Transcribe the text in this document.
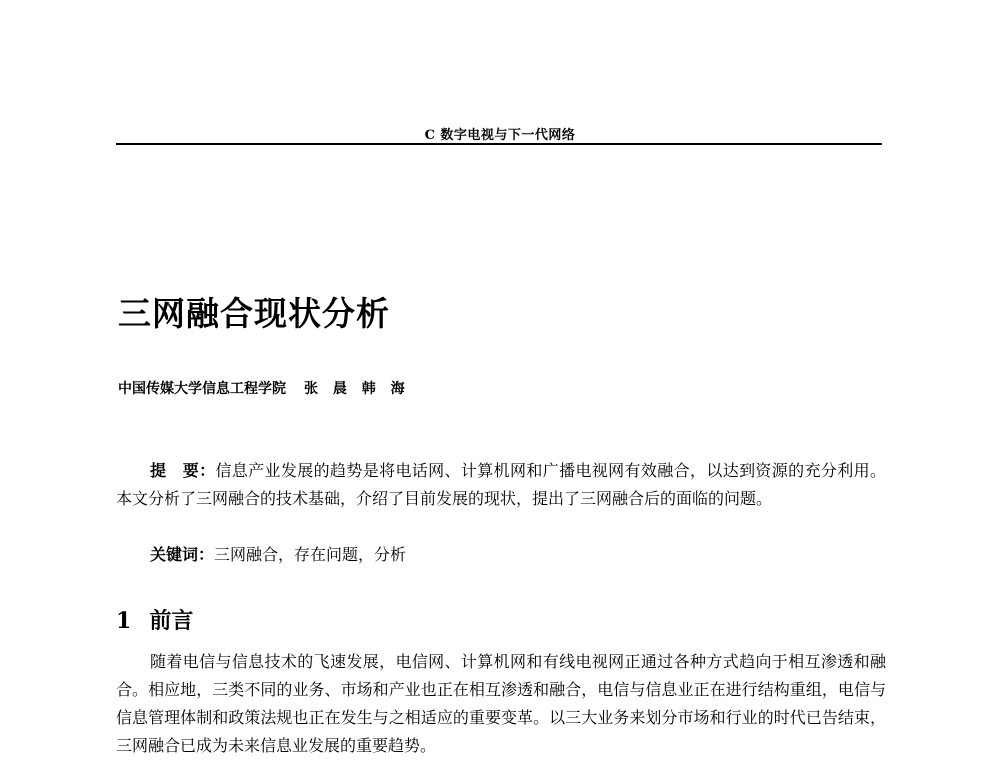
C 数字电视与下一代网络
三网融合现状分析
中国传媒大学信息工程学院 张 晨 韩 海

提　要：信息产业发展的趋势是将电话网、计算机网和广播电视网有效融合，以达到资源的充分利用。本文分析了三网融合的技术基础，介绍了目前发展的现状，提出了三网融合后的面临的问题。

关键词：三网融合，存在问题，分析

1 前言

随着电信与信息技术的飞速发展，电信网、计算机网和有线电视网正通过各种方式趋向于相互渗透和融合。相应地，三类不同的业务、市场和产业也正在相互渗透和融合，电信与信息业正在进行结构重组，电信与信息管理体制和政策法规也正在发生与之相适应的重要变革。以三大业务来划分市场和行业的时代已告结束，三网融合已成为未来信息业发展的重要趋势。
